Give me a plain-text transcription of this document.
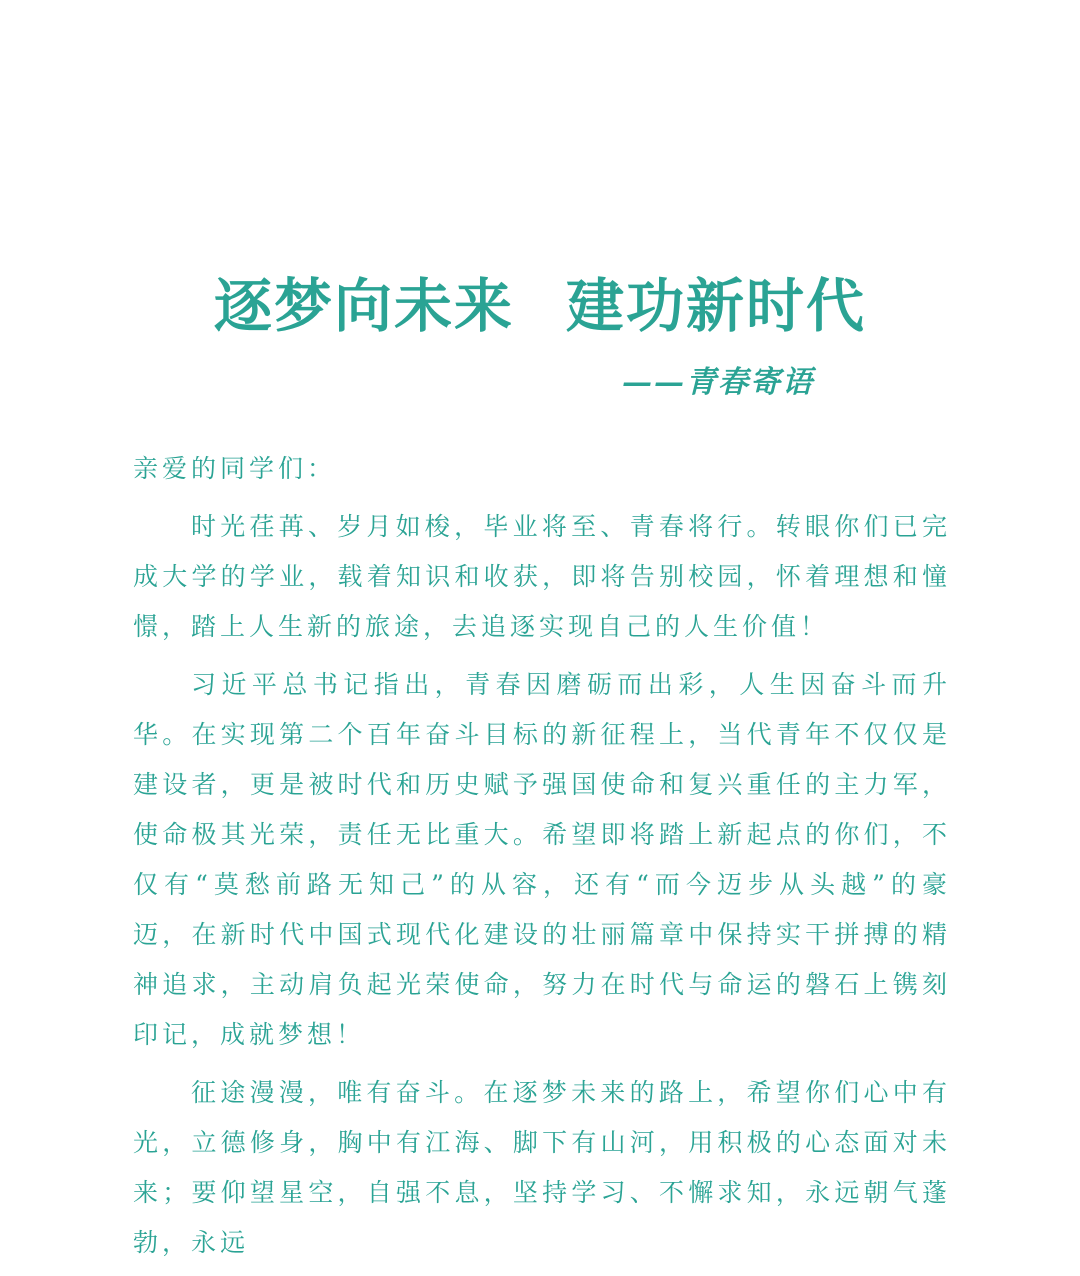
逐梦向未来 建功新时代
——青春寄语

亲爱的同学们：

时光荏苒、岁月如梭，毕业将至、青春将行。转眼你们已完成大学的学业，载着知识和收获，即将告别校园，怀着理想和憧憬，踏上人生新的旅途，去追逐实现自己的人生价值！

习近平总书记指出，青春因磨砺而出彩，人生因奋斗而升华。在实现第二个百年奋斗目标的新征程上，当代青年不仅仅是建设者，更是被时代和历史赋予强国使命和复兴重任的主力军，使命极其光荣，责任无比重大。希望即将踏上新起点的你们，不仅有“莫愁前路无知己”的从容，还有“而今迈步从头越”的豪迈，在新时代中国式现代化建设的壮丽篇章中保持实干拼搏的精神追求，主动肩负起光荣使命，努力在时代与命运的磐石上镌刻印记，成就梦想！

征途漫漫，唯有奋斗。在逐梦未来的路上，希望你们心中有光，立德修身，胸中有江海、脚下有山河，用积极的心态面对未来；要仰望星空，自强不息，坚持学习、不懈求知，永远朝气蓬勃，永远
